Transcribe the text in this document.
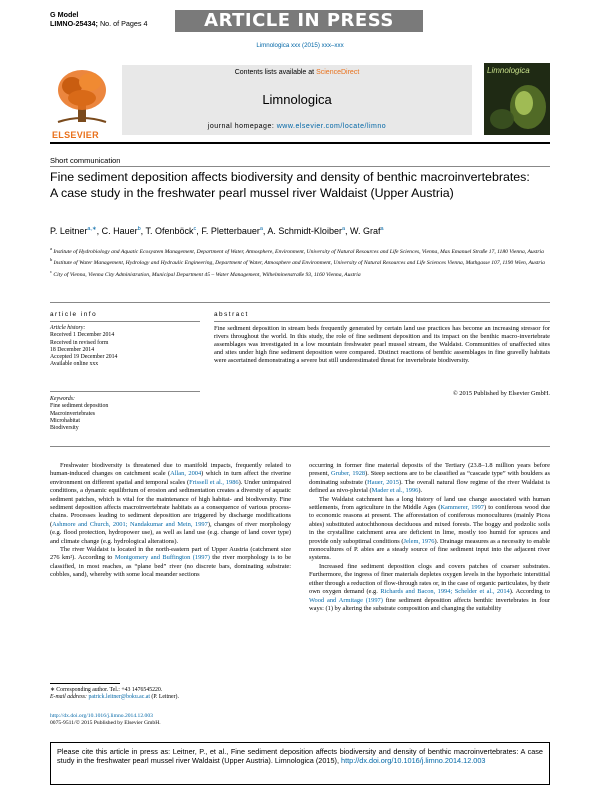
G Model
LIMNO-25434; No. of Pages 4	ARTICLE IN PRESS
Limnologica xxx (2015) xxx–xxx
ELSEVIER
Contents lists available at ScienceDirect
Limnologica
journal homepage: www.elsevier.com/locate/limno
Limnologica
Short communication
Fine sediment deposition affects biodiversity and density of benthic macroinvertebrates: A case study in the freshwater pearl mussel river Waldaist (Upper Austria)
P. Leitner$^{a,∗}$, C. Hauer$^b$, T. Ofenböck$^c$, F. Pletterbauer$^a$, A. Schmidt-Kloiber$^a$, W. Graf$^a$
$^a$ Institute of Hydrobiology and Aquatic Ecosystem Management, Department of Water, Atmosphere, Environment, University of Natural Resources and Life Sciences, Vienna, Max Emanuel Straße 17, 1180 Vienna, Austria
$^b$ Institute of Water Management, Hydrology and Hydraulic Engineering, Department of Water, Atmosphere and Environment, University of Natural Resources and Life Sciences Vienna, Muthgasse 107, 1190 Wien, Austria
$^c$ City of Vienna, Vienna City Administration, Municipal Department 45 – Water Management, Wilhelminenstraße 93, 1160 Vienna, Austria
article info	abstract
Article history:
Received 1 December 2014
Received in revised form
18 December 2014
Accepted 19 December 2014
Available online xxx
Keywords:
Fine sediment deposition
Macroinvertebrates
Microhabitat
Biodiversity
Fine sediment deposition in stream beds frequently generated by certain land use practices has become an increasing stressor for rivers throughout the world. In this study, the role of fine sediment deposition and its impact on the benthic macro-invertebrate assemblages was investigated in a low mountain freshwater pearl mussel stream, the Waldaist. Communities of unaffected sites and sites under high fine sediment deposition were compared. Distinct reactions of benthic assemblages in fine gravelly habitats were ascertained demonstrating a severe but still underestimated threat for invertebrate biodiversity.
© 2015 Published by Elsevier GmbH.

Freshwater biodiversity is threatened due to manifold impacts, frequently related to human-induced changes on catchment scale (Allan, 2004) which in turn affect the riverine environment on different spatial and temporal scales (Frissell et al., 1986). Under unimpaired conditions, a dynamic equilibrium of erosion and sedimentation creates a diversity of aquatic sediment patches, which is vital for the maintenance of high habitat- and biodiversity. Fine sediment deposition affects macroinvertebrate habitats as a consequence of various process-chains. Processes leading to sediment deposition are triggered by discharge modifications (Ashmore and Church, 2001; Nandakumar and Mein, 1997), changes of river morphology (e.g. flood protection, hydropower use), as well as land use (e.g. change of land cover type) and climate change (e.g. hydrological alterations).

The river Waldaist is located in the north-eastern part of Upper Austria (catchment size 276 km²). According to Montgomery and Buffington (1997) the river morphology is to be classified, in most reaches, as “plane bed” river (no discrete bars, dominating substrate: cobbles, sand), whereby with some local meander sections

occurring in former fine material deposits of the Tertiary (23.8–1.8 million years before present, Gruber, 1928). Steep sections are to be classified as “cascade type” with boulders as dominating substrate (Hauer, 2015). The overall natural flow regime of the river Waldaist is defined as nivo-pluvial (Mader et al., 1996).

The Waldaist catchment has a long history of land use change associated with human settlements, from agriculture in the Middle Ages (Kammerer, 1997) to coniferous wood due to economic reasons at present. The afforestation of coniferous monocultures (mainly Picea abies) substituted autochthonous deciduous and mixed forests. The boggy and podzolic soils in the crystalline catchment area are deficient in lime, mostly too humid for spruces and provide only suboptimal conditions (Jelem, 1976). Drainage measures as a necessity to enable monocultures of P. abies are a steady source of fine sediment input into the adjacent river systems.

Increased fine sediment deposition clogs and covers patches of coarser substrates. Furthermore, the ingress of finer materials depletes oxygen levels in the hyporheic interstitial either through a reduction of flow-through rates or, in the case of organic particulates, by their own oxygen demand (e.g. Richards and Bacon, 1994; Schelder et al., 2014). According to Wood and Armitage (1997) fine sediment deposition affects benthic invertebrates in four ways: (1) by altering the substrate composition and changing the suitability

∗ Corresponding author. Tel.: +43 1476545220.
E-mail address: patrick.leitner@boku.ac.at (P. Leitner).
http://dx.doi.org/10.1016/j.limno.2014.12.003
0075-9511/© 2015 Published by Elsevier GmbH.
Please cite this article in press as: Leitner, P., et al., Fine sediment deposition affects biodiversity and density of benthic macroinvertebrates: A case study in the freshwater pearl mussel river Waldaist (Upper Austria). Limnologica (2015), http://dx.doi.org/10.1016/j.limno.2014.12.003
